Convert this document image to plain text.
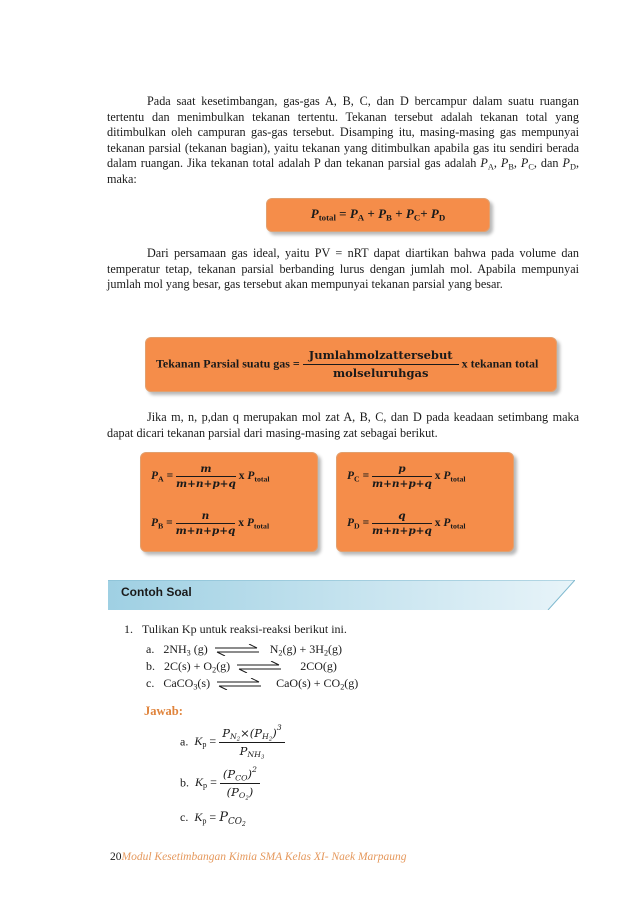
Pada saat kesetimbangan, gas-gas A, B, C, dan D bercampur dalam suatu ruangan tertentu dan menimbulkan tekanan tertentu. Tekanan tersebut adalah tekanan total yang ditimbulkan oleh campuran gas-gas tersebut. Disamping itu, masing-masing gas mempunyai tekanan parsial (tekanan bagian), yaitu tekanan yang ditimbulkan apabila gas itu sendiri berada dalam ruangan. Jika tekanan total adalah P dan tekanan parsial gas adalah $P_A$, $P_B$, $P_C$, dan $P_D$, maka:

$P_{total} = P_A + P_B + P_C+ P_D$

Dari persamaan gas ideal, yaitu PV = nRT dapat diartikan bahwa pada volume dan temperatur tetap, tekanan parsial berbanding lurus dengan jumlah mol. Apabila mempunyai jumlah mol yang besar, gas tersebut akan mempunyai tekanan parsial yang besar.

Tekanan Parsial suatu gas = $\frac{\text{Jumlahmolzattersebut}}{\text{molseluruhgas}}$ x tekanan total

Jika m, n, p,dan q merupakan mol zat A, B, C, dan D pada keadaan setimbang maka dapat dicari tekanan parsial dari masing-masing zat sebagai berikut.

$P_A = \frac{m}{m+n+p+q}$ x $P_{total}$
$P_B = \frac{n}{m+n+p+q}$ x $P_{total}$
$P_C = \frac{p}{m+n+p+q}$ x $P_{total}$
$P_D = \frac{q}{m+n+p+q}$ x $P_{total}$
Contoh Soal
1. Tulikan Kp untuk reaksi-reaksi berikut ini.
a.   $2NH_3$ (g) ⇌ $N_2(g) + 3H_2(g)$
b.   $2C(s) + O_2(g)$ ⇌ 2CO(g)
c.   CaCO$_3$(s) ⇌ $CaO(s) + CO_2(g)$
Jawab:
a. $K_p = \frac{P_{N_2}\times(P_{H_2})^3}{P_{NH_3}}$
b. $K_p = \frac{(P_{CO})^2}{(P_{O_2})}$
c. $K_p = P_{CO_2}$
20Modul Kesetimbangan Kimia SMA Kelas XI- Naek Marpaung
